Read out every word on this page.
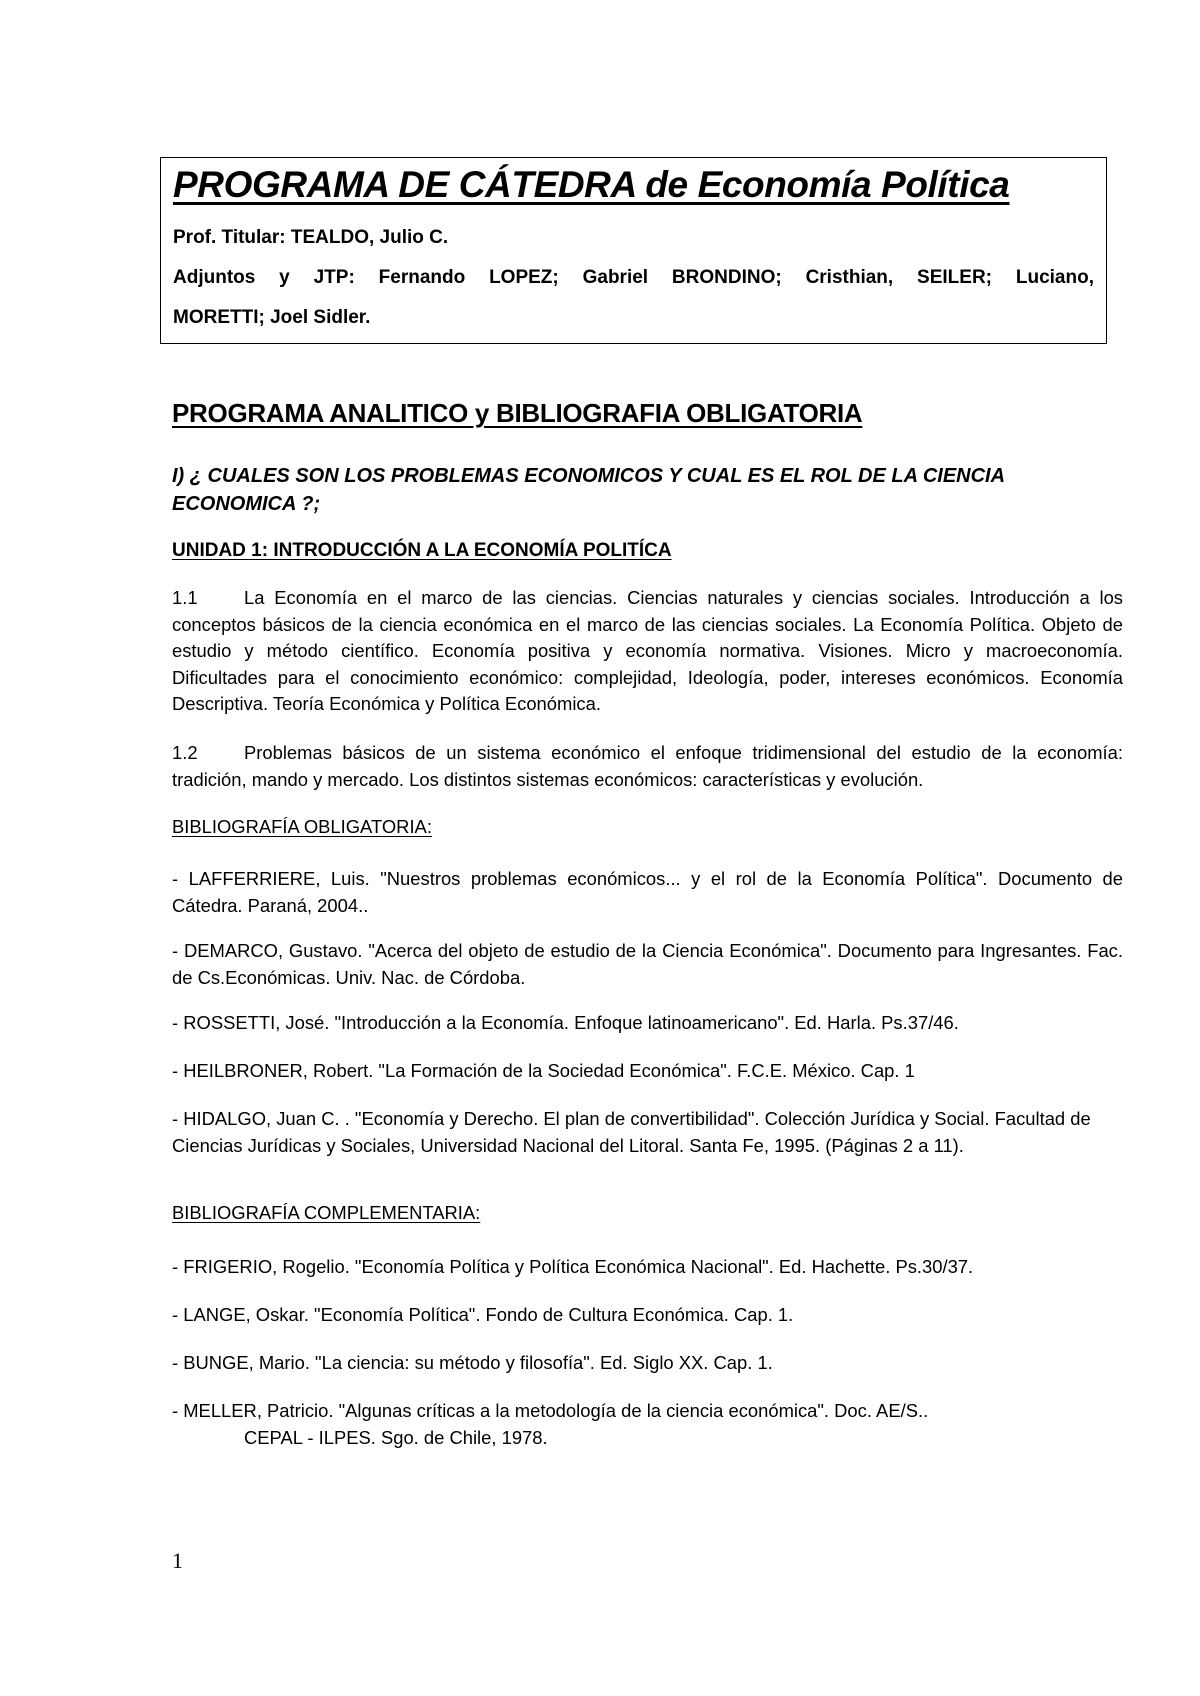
PROGRAMA DE CÁTEDRA de Economía Política
Prof. Titular: TEALDO, Julio C.
Adjuntos y JTP: Fernando LOPEZ; Gabriel BRONDINO; Cristhian, SEILER; Luciano,
MORETTI; Joel Sidler.
PROGRAMA ANALITICO y BIBLIOGRAFIA OBLIGATORIA
I) ¿ CUALES SON LOS PROBLEMAS ECONOMICOS Y CUAL ES EL ROL DE LA CIENCIA ECONOMICA ?;
UNIDAD 1: INTRODUCCIÓN A LA ECONOMÍA POLITÍCA
1.1	La Economía en el marco de las ciencias. Ciencias naturales y ciencias sociales. Introducción a los conceptos básicos de la ciencia económica en el marco de las ciencias sociales. La Economía Política. Objeto de estudio y método científico. Economía positiva y economía normativa. Visiones. Micro y macroeconomía. Dificultades para el conocimiento económico: complejidad, Ideología, poder, intereses económicos. Economía Descriptiva. Teoría Económica y Política Económica.
1.2	Problemas básicos de un sistema económico el enfoque tridimensional del estudio de la economía: tradición, mando y mercado. Los distintos sistemas económicos: características y evolución.
BIBLIOGRAFÍA OBLIGATORIA:
- LAFFERRIERE, Luis. "Nuestros problemas económicos... y el rol de la Economía Política". Documento de Cátedra. Paraná, 2004..
- DEMARCO, Gustavo. "Acerca del objeto de estudio de la Ciencia Económica". Documento para Ingresantes. Fac. de Cs.Económicas. Univ. Nac. de Córdoba.
- ROSSETTI, José. "Introducción a la Economía. Enfoque latinoamericano". Ed. Harla. Ps.37/46.
- HEILBRONER, Robert. "La Formación de la Sociedad Económica". F.C.E. México. Cap. 1
- HIDALGO, Juan C. . "Economía y Derecho. El plan de convertibilidad". Colección Jurídica y Social. Facultad de Ciencias Jurídicas y Sociales, Universidad Nacional del Litoral. Santa Fe, 1995. (Páginas 2 a 11).
BIBLIOGRAFÍA COMPLEMENTARIA:
- FRIGERIO, Rogelio. "Economía Política y Política Económica Nacional". Ed. Hachette. Ps.30/37.
- LANGE, Oskar. "Economía Política". Fondo de Cultura Económica. Cap. 1.
- BUNGE, Mario. "La ciencia: su método y filosofía". Ed. Siglo XX. Cap. 1.
- MELLER, Patricio. "Algunas críticas a la metodología de la ciencia económica". Doc. AE/S..
CEPAL - ILPES. Sgo. de Chile, 1978.
1
